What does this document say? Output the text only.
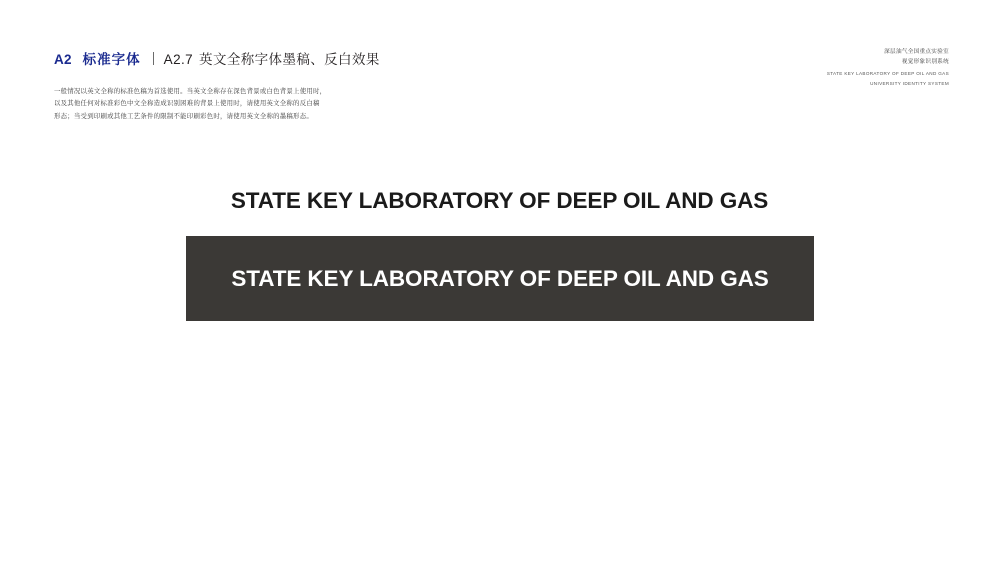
A2 标准字体 A2.7 英文全称字体墨稿、反白效果

一般情况以英文全称的标准色稿为首选使用。当英文全称存在深色背景或白色背景上使用时，

以及其他任何对标准彩色中文全称造成识别困难的背景上使用时，请使用英文全称的反白稿

形态；当受到印刷或其他工艺条件的限制不能印刷彩色时，请使用英文全称的墨稿形态。

深层油气全国重点实验室
视觉形象识别系统
STATE KEY LABORATORY OF DEEP OIL AND GAS
UNIVERSITY IDENTITY SYSTEM
STATE KEY LABORATORY OF DEEP OIL AND GAS
STATE KEY LABORATORY OF DEEP OIL AND GAS
